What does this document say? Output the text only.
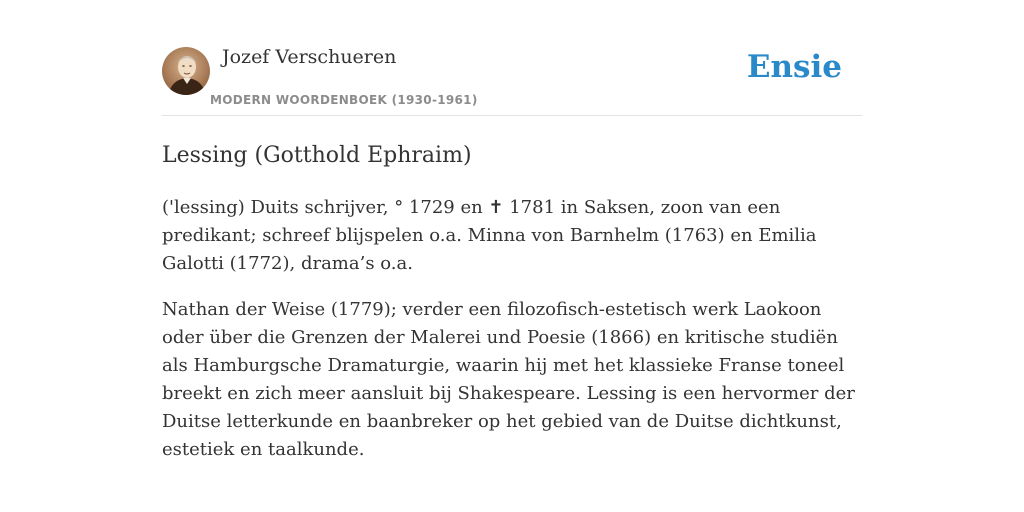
Jozef Verschueren
MODERN WOORDENBOEK (1930-1961)
Ensie
Lessing (Gotthold Ephraim)

('lessing) Duits schrijver, ° 1729 en ✝ 1781 in Saksen, zoon van een predikant; schreef blijspelen o.a. Minna von Barnhelm (1763) en Emilia Galotti (1772), drama’s o.a.

Nathan der Weise (1779); verder een filozofisch-estetisch werk Laokoon oder über die Grenzen der Malerei und Poesie (1866) en kritische studiën als Hamburgsche Dramaturgie, waarin hij met het klassieke Franse toneel breekt en zich meer aansluit bij Shakespeare. Lessing is een hervormer der Duitse letterkunde en baanbreker op het gebied van de Duitse dichtkunst, estetiek en taalkunde.
